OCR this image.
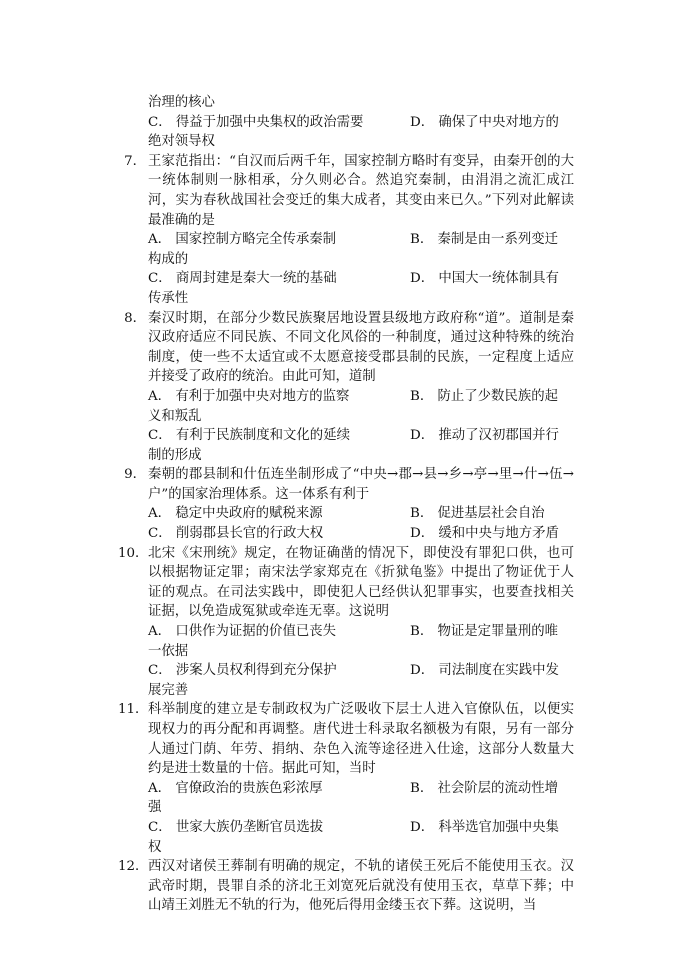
治理的核心

C． 得益于加强中央集权的政治需要	D． 确保了中央对地方的

绝对领导权

7． 王家范指出：“自汉而后两千年，国家控制方略时有变异，由秦开创的大一统体制则一脉相承，分久则必合。然追究秦制，由涓涓之流汇成江河，实为春秋战国社会变迁的集大成者，其变由来已久。”下列对此解读最准确的是

A． 国家控制方略完全传承秦制	B． 秦制是由一系列变迁

构成的

C． 商周封建是秦大一统的基础	D． 中国大一统体制具有

传承性

8． 秦汉时期，在部分少数民族聚居地设置县级地方政府称“道”。道制是秦汉政府适应不同民族、不同文化风俗的一种制度，通过这种特殊的统治制度，使一些不太适宜或不太愿意接受郡县制的民族，一定程度上适应并接受了政府的统治。由此可知，道制

A． 有利于加强中央对地方的监察	B． 防止了少数民族的起

义和叛乱

C． 有利于民族制度和文化的延续	D． 推动了汉初郡国并行

制的形成

9． 秦朝的郡县制和什伍连坐制形成了“中央→郡→县→乡→亭→里→什→伍→户”的国家治理体系。这一体系有利于

A． 稳定中央政府的赋税来源	B． 促进基层社会自治
C． 削弱郡县长官的行政大权	D． 缓和中央与地方矛盾
10． 北宋《宋刑统》规定，在物证确凿的情况下，即使没有罪犯口供，也可以根据物证定罪；南宋法学家郑克在《折狱龟鉴》中提出了物证优于人证的观点。在司法实践中，即使犯人已经供认犯罪事实，也要查找相关证据，以免造成冤狱或牵连无辜。这说明

A． 口供作为证据的价值已丧失	B． 物证是定罪量刑的唯

一依据

C． 涉案人员权利得到充分保护	D． 司法制度在实践中发

展完善

11． 科举制度的建立是专制政权为广泛吸收下层士人进入官僚队伍，以便实现权力的再分配和再调整。唐代进士科录取名额极为有限，另有一部分人通过门荫、年劳、捐纳、杂色入流等途径进入仕途，这部分人数量大约是进士数量的十倍。据此可知，当时

A． 官僚政治的贵族色彩浓厚	B． 社会阶层的流动性增

强

C． 世家大族仍垄断官员选拔	D． 科举选官加强中央集

权

12． 西汉对诸侯王葬制有明确的规定，不轨的诸侯王死后不能使用玉衣。汉武帝时期，畏罪自杀的济北王刘宽死后就没有使用玉衣，草草下葬；中山靖王刘胜无不轨的行为，他死后得用金缕玉衣下葬。这说明，当
